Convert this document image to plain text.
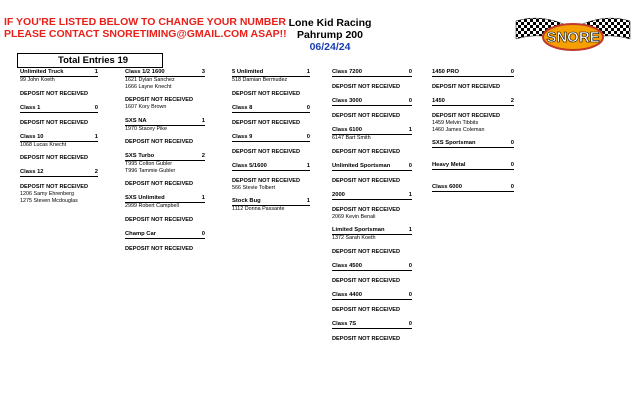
IF YOU'RE LISTED BELOW TO CHANGE YOUR NUMBER
PLEASE CONTACT SNORETIMING@GMAIL.COM ASAP!!
Lone Kid Racing
Pahrump 200
06/24/24
SNORE
Total Entries 19
Unlimited Truck	1
99 John Koeth
DEPOSIT NOT RECEIVED
Class 1	0
DEPOSIT NOT RECEIVED
Class 10	1
1068 Lucas Knecht
DEPOSIT NOT RECEIVED
Class 12	2
DEPOSIT NOT RECEIVED
1206 Samy Ehrenberg
1275 Steven Mcdouglas
Class 1/2 1600	3
1621 Dylan Sanchez
1666 Layne Knecht
DEPOSIT NOT RECEIVED
1607 Kory Brown
SXS NA	1
1970 Stacey Pike
DEPOSIT NOT RECEIVED
SXS Turbo	2
T995 Colton Gubler
T996 Tammie Gubler
DEPOSIT NOT RECEIVED
SXS Unlimited	1
2999 Robert Campbell
DEPOSIT NOT RECEIVED
Champ Car	0
DEPOSIT NOT RECEIVED
5 Unlimited	1
518 Damian Bermudez
DEPOSIT NOT RECEIVED
Class 8	0
DEPOSIT NOT RECEIVED
Class 9	0
DEPOSIT NOT RECEIVED
Class 5/1600	1
DEPOSIT NOT RECEIVED
566 Stevie Tolbert
Stock Bug	1
1112 Donna Passante
Class 7200	0
DEPOSIT NOT RECEIVED
Class 3000	0
DEPOSIT NOT RECEIVED
Class 6100	1
6147 Bart Smith
DEPOSIT NOT RECEIVED
Unlimited Sportsman	0
DEPOSIT NOT RECEIVED
2000	1
DEPOSIT NOT RECEIVED
2069 Kevin Benali
Limited Sportsman	1
1372 Sarah Koeth
DEPOSIT NOT RECEIVED
Class 4500	0
DEPOSIT NOT RECEIVED
Class 4400	0
DEPOSIT NOT RECEIVED
Class 7S	0
DEPOSIT NOT RECEIVED
1450 PRO	0
DEPOSIT NOT RECEIVED
1450	2
DEPOSIT NOT RECEIVED
1459 Melvin Tibbits
1460 James Coleman
SXS Sportsman	0
Heavy Metal	0
Class 6000	0
